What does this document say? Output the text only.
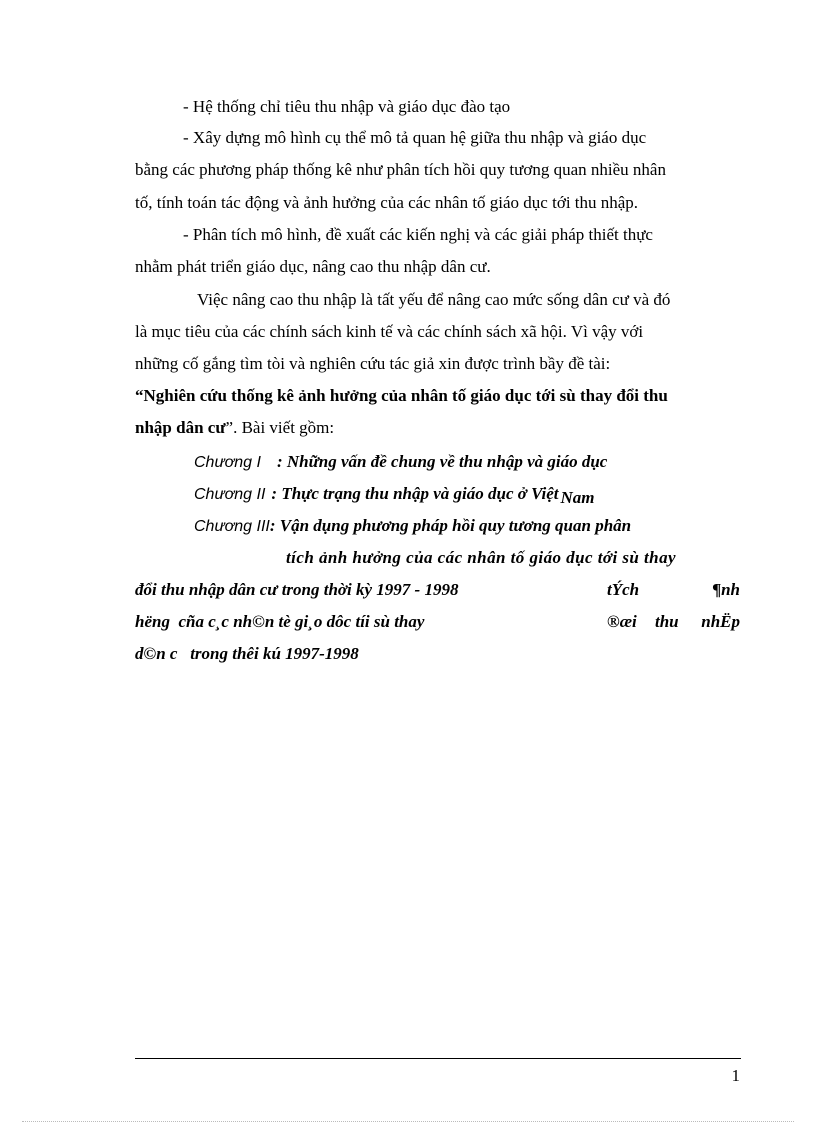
- Hệ thống chỉ tiêu thu nhập và giáo dục đào tạo
- Xây dựng mô hình cụ thể mô tả quan hệ giữa thu nhập và giáo dục
bằng các phương pháp thống kê như phân tích hồi quy tương quan nhiều nhân
tố, tính toán tác động và ảnh hưởng của các nhân tố giáo dục tới thu nhập.
- Phân tích mô hình, đề xuất các kiến nghị và các giải pháp thiết thực
nhằm phát triển giáo dục, nâng cao thu nhập dân cư.
Việc nâng cao thu nhập là tất yếu để nâng cao mức sống dân cư và đó
là mục tiêu của các chính sách kinh tế và các chính sách xã hội. Vì vậy với
những cố gắng tìm tòi và nghiên cứu tác giả xin được trình bầy đề tài:
“Nghiên cứu thống kê ảnh hưởng của nhân tố giáo dục tới sù thay đổi thu
nhập dân cư”. Bài viết gồm:
Chương I : Những vấn đề chung về thu nhập và giáo dục
Chương II : Thực trạng thu nhập và giáo dục ở Việt Nam
Chương III: Vận dụng phương pháp hồi quy tương quan phân
tích ảnh hưởng của các nhân tố giáo dục tới sù thay
đổi thu nhập dân cư trong thời kỳ 1997 - 1998	tÝch	¶nh
hëng  cña c¸c nh©n tè gi¸o dôc tíi sù thay	®æi thu nhËp
d©n c   trong thêi kú 1997-1998
1
